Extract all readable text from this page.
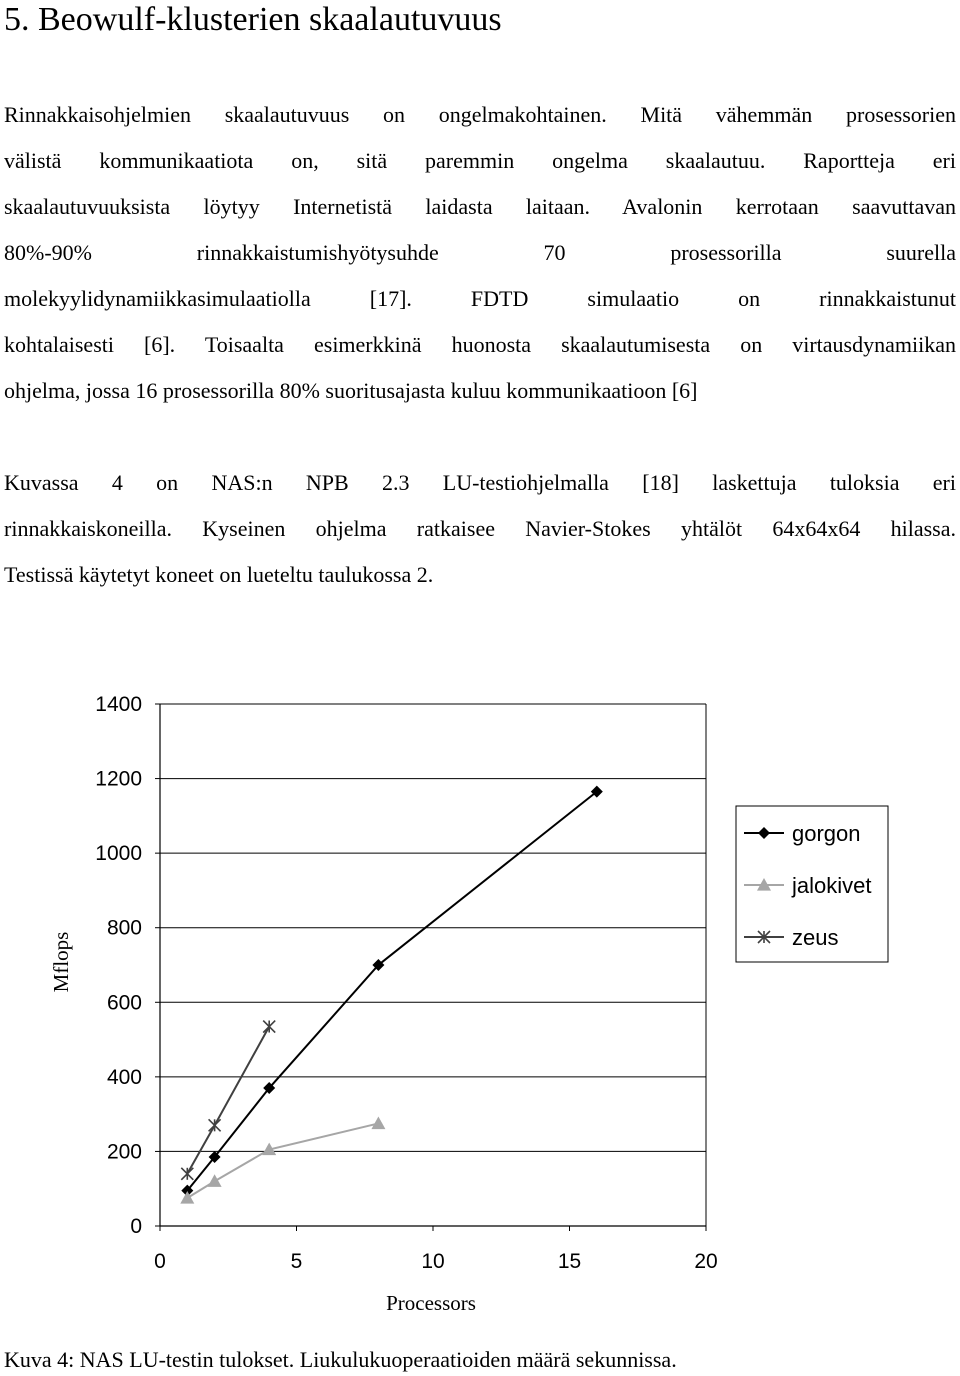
5. Beowulf-klusterien skaalautuvuus
Rinnakkaisohjelmien skaalautuvuus on ongelmakohtainen. Mitä vähemmän prosessorien
välistä kommunikaatiota on, sitä paremmin ongelma skaalautuu. Raportteja eri
skaalautuvuuksista löytyy Internetistä laidasta laitaan. Avalonin kerrotaan saavuttavan
80%-90% rinnakkaistumishyötysuhde 70 prosessorilla suurella
molekyylidynamiikkasimulaatiolla [17]. FDTD simulaatio on rinnakkaistunut
kohtalaisesti [6]. Toisaalta esimerkkinä huonosta skaalautumisesta on virtausdynamiikan
ohjelma, jossa 16 prosessorilla 80% suoritusajasta kuluu kommunikaatioon [6]
Kuvassa 4 on NAS:n NPB 2.3 LU-testiohjelmalla [18] laskettuja tuloksia eri
rinnakkaiskoneilla. Kyseinen ohjelma ratkaisee Navier-Stokes yhtälöt 64x64x64 hilassa.
Testissä käytetyt koneet on lueteltu taulukossa 2.
0
200
400
600
800
1000
1200
1400
0	5	10	15	20
Processors
Mflops
gorgon
jalokivet
zeus
Kuva 4: NAS LU-testin tulokset. Liukulukuoperaatioiden määrä sekunnissa.
